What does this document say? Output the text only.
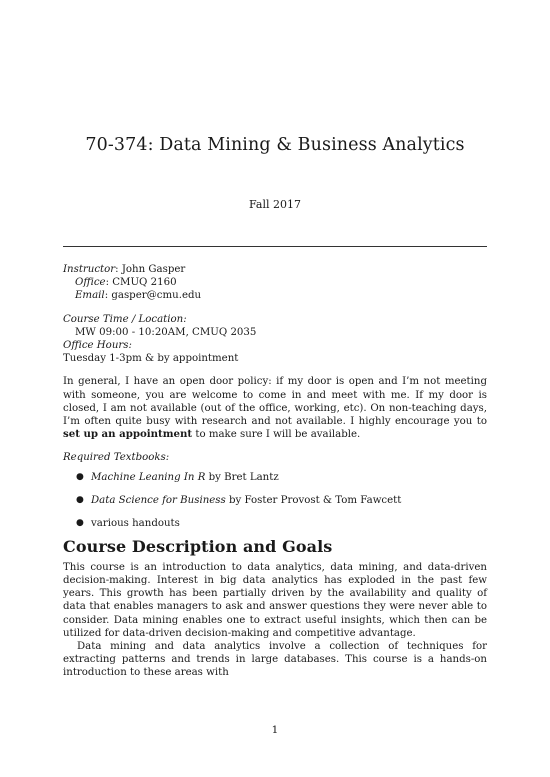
70-374: Data Mining & Business Analytics
Fall 2017
Instructor: John Gasper
Office: CMUQ 2160
Email: gasper@cmu.edu
Course Time / Location:
MW 09:00 - 10:20AM, CMUQ 2035
Office Hours:
Tuesday 1-3pm & by appointment

In general, I have an open door policy: if my door is open and I’m not meeting with someone, you are welcome to come in and meet with me. If my door is closed, I am not available (out of the office, working, etc). On non-teaching days, I’m often quite busy with research and not available. I highly encourage you to set up an appointment to make sure I will be available.

Required Textbooks:
● Machine Leaning In R by Bret Lantz
● Data Science for Business by Foster Provost & Tom Fawcett
● various handouts
Course Description and Goals

This course is an introduction to data analytics, data mining, and data-driven decision-making. Interest in big data analytics has exploded in the past few years. This growth has been partially driven by the availability and quality of data that enables managers to ask and answer questions they were never able to consider. Data mining enables one to extract useful insights, which then can be utilized for data-driven decision-making and competitive advantage.

Data mining and data analytics involve a collection of techniques for extracting patterns and trends in large databases. This course is a hands-on introduction to these areas with

1
